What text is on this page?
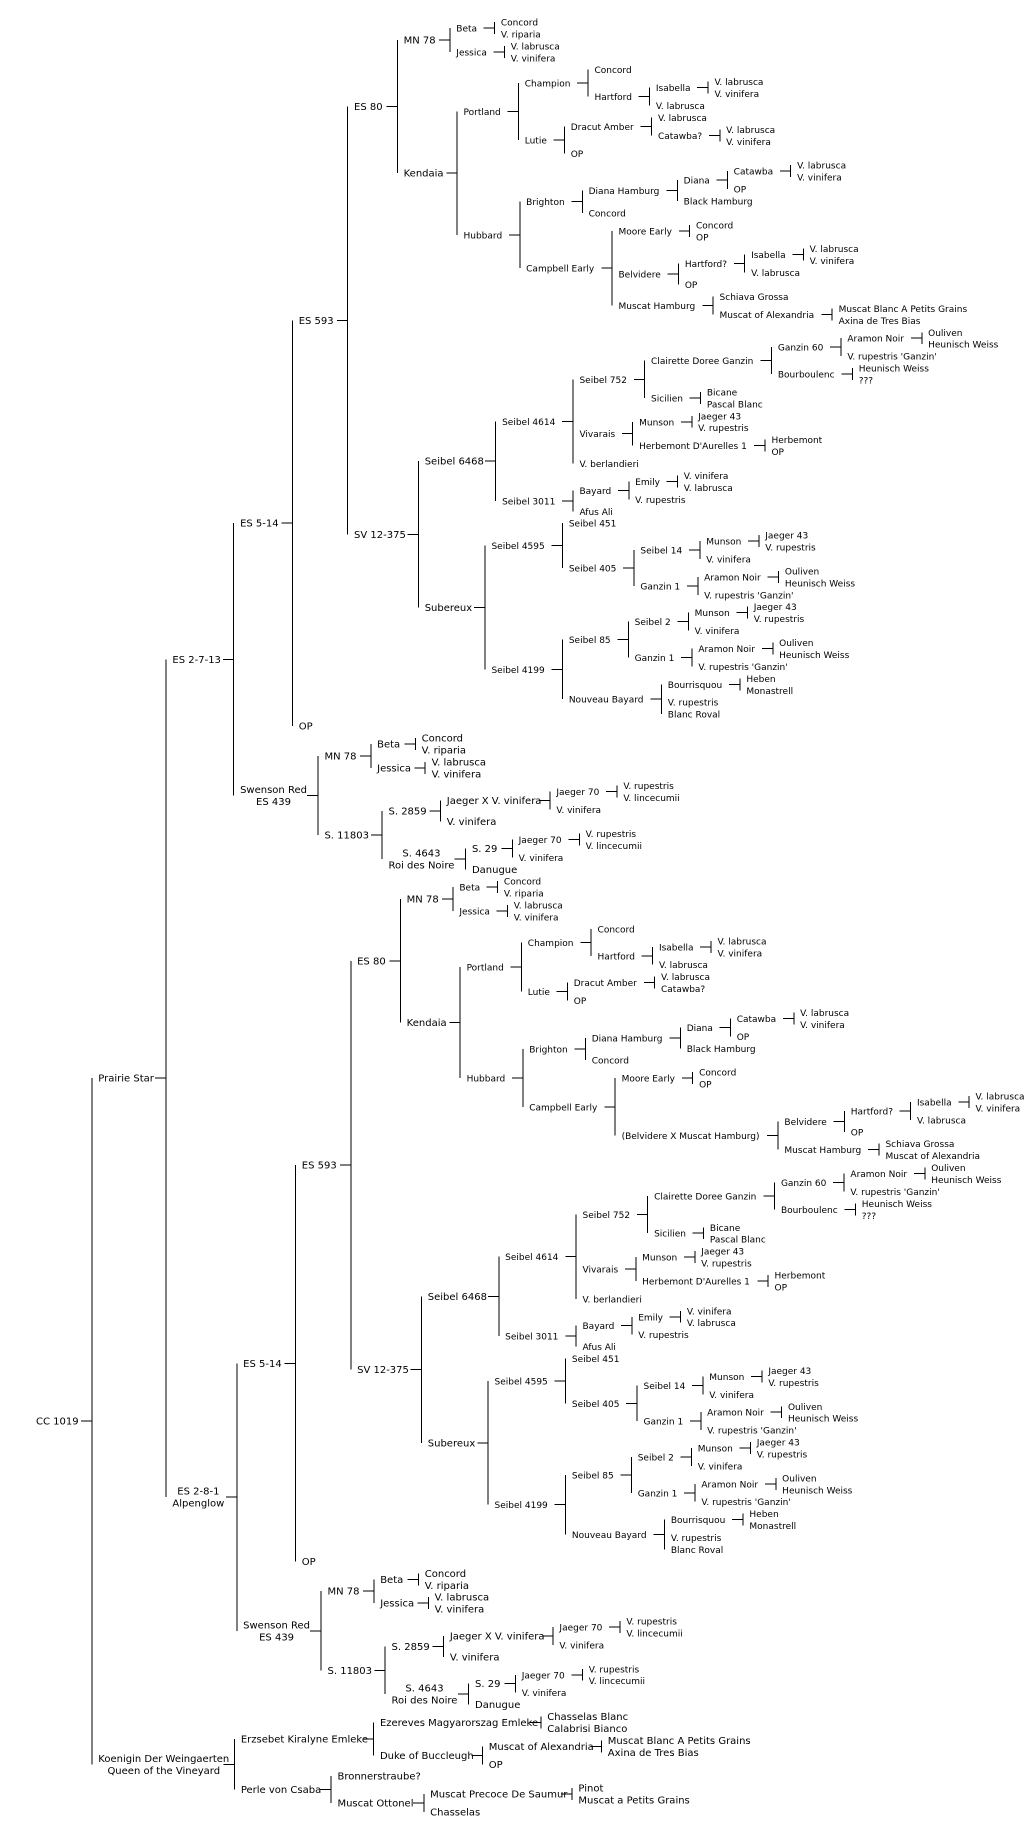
CC 1019
Prairie Star
ES 2-7-13
ES 5-14
ES 593
ES 80
MN 78
Beta
Concord
V. riparia
Jessica
V. labrusca
V. vinifera
Kendaia
Portland
Champion
Concord
Hartford
Isabella
V. labrusca
V. vinifera
V. labrusca
Lutie
Dracut Amber
V. labrusca
Catawba?
V. labrusca
V. vinifera
OP
Hubbard
Brighton
Diana Hamburg
Diana
Catawba
V. labrusca
V. vinifera
OP
Black Hamburg
Concord
Campbell Early
Moore Early
Concord
OP
Belvidere
Hartford?
Isabella
V. labrusca
V. vinifera
V. labrusca
OP
Muscat Hamburg
Schiava Grossa
Muscat of Alexandria
Muscat Blanc A Petits Grains
Axina de Tres Bias
SV 12-375
Seibel 6468
Seibel 4614
Seibel 752
Clairette Doree Ganzin
Ganzin 60
Aramon Noir
Ouliven
Heunisch Weiss
V. rupestris 'Ganzin'
Bourboulenc
Heunisch Weiss
???
Sicilien
Bicane
Pascal Blanc
Vivarais
Munson
Jaeger 43
V. rupestris
Herbemont D'Aurelles 1
Herbemont
OP
V. berlandieri
Seibel 3011
Bayard
Emily
V. vinifera
V. labrusca
V. rupestris
Afus Ali
Subereux
Seibel 4595
Seibel 451
Seibel 405
Seibel 14
Munson
Jaeger 43
V. rupestris
V. vinifera
Ganzin 1
Aramon Noir
Ouliven
Heunisch Weiss
V. rupestris 'Ganzin'
Seibel 4199
Seibel 85
Seibel 2
Munson
Jaeger 43
V. rupestris
V. vinifera
Ganzin 1
Aramon Noir
Ouliven
Heunisch Weiss
V. rupestris 'Ganzin'
Nouveau Bayard
Bourrisquou
Heben
Monastrell
V. rupestris
Blanc Roval
OP
Swenson Red ES 439
MN 78
Beta
Concord
V. riparia
Jessica
V. labrusca
V. vinifera
S. 11803
S. 2859
Jaeger X V. vinifera
Jaeger 70
V. rupestris
V. lincecumii
V. vinifera
V. vinifera
S. 4643 Roi des Noire
S. 29
Jaeger 70
V. rupestris
V. lincecumii
V. vinifera
Danugue
ES 2-8-1 Alpenglow
ES 5-14
ES 593
ES 80
MN 78
Beta
Concord
V. riparia
Jessica
V. labrusca
V. vinifera
Kendaia
Portland
Champion
Concord
Hartford
Isabella
V. labrusca
V. vinifera
V. labrusca
Lutie
Dracut Amber
V. labrusca
Catawba?
OP
Hubbard
Brighton
Diana Hamburg
Diana
Catawba
V. labrusca
V. vinifera
OP
Black Hamburg
Concord
Campbell Early
Moore Early
Concord
OP
(Belvidere X Muscat Hamburg)
Belvidere
Hartford?
Isabella
V. labrusca
V. vinifera
V. labrusca
OP
Muscat Hamburg
Schiava Grossa
Muscat of Alexandria
SV 12-375
Seibel 6468
Seibel 4614
Seibel 752
Clairette Doree Ganzin
Ganzin 60
Aramon Noir
Ouliven
Heunisch Weiss
V. rupestris 'Ganzin'
Bourboulenc
Heunisch Weiss
???
Sicilien
Bicane
Pascal Blanc
Vivarais
Munson
Jaeger 43
V. rupestris
Herbemont D'Aurelles 1
Herbemont
OP
V. berlandieri
Seibel 3011
Bayard
Emily
V. vinifera
V. labrusca
V. rupestris
Afus Ali
Subereux
Seibel 4595
Seibel 451
Seibel 405
Seibel 14
Munson
Jaeger 43
V. rupestris
V. vinifera
Ganzin 1
Aramon Noir
Ouliven
Heunisch Weiss
V. rupestris 'Ganzin'
Seibel 4199
Seibel 85
Seibel 2
Munson
Jaeger 43
V. rupestris
V. vinifera
Ganzin 1
Aramon Noir
Ouliven
Heunisch Weiss
V. rupestris 'Ganzin'
Nouveau Bayard
Bourrisquou
Heben
Monastrell
V. rupestris
Blanc Roval
OP
Swenson Red ES 439
MN 78
Beta
Concord
V. riparia
Jessica
V. labrusca
V. vinifera
S. 11803
S. 2859
Jaeger X V. vinifera
Jaeger 70
V. rupestris
V. lincecumii
V. vinifera
V. vinifera
S. 4643 Roi des Noire
S. 29
Jaeger 70
V. rupestris
V. lincecumii
V. vinifera
Danugue
Koenigin Der Weingaerten Queen of the Vineyard
Erzsebet Kiralyne Emleke
Ezereves Magyarorszag Emleke
Chasselas Blanc
Calabrisi Bianco
Duke of Buccleugh
Muscat of Alexandria
Muscat Blanc A Petits Grains
Axina de Tres Bias
OP
Perle von Csaba
Bronnerstraube?
Muscat Ottonel
Muscat Precoce De Saumur
Pinot
Muscat a Petits Grains
Chasselas
